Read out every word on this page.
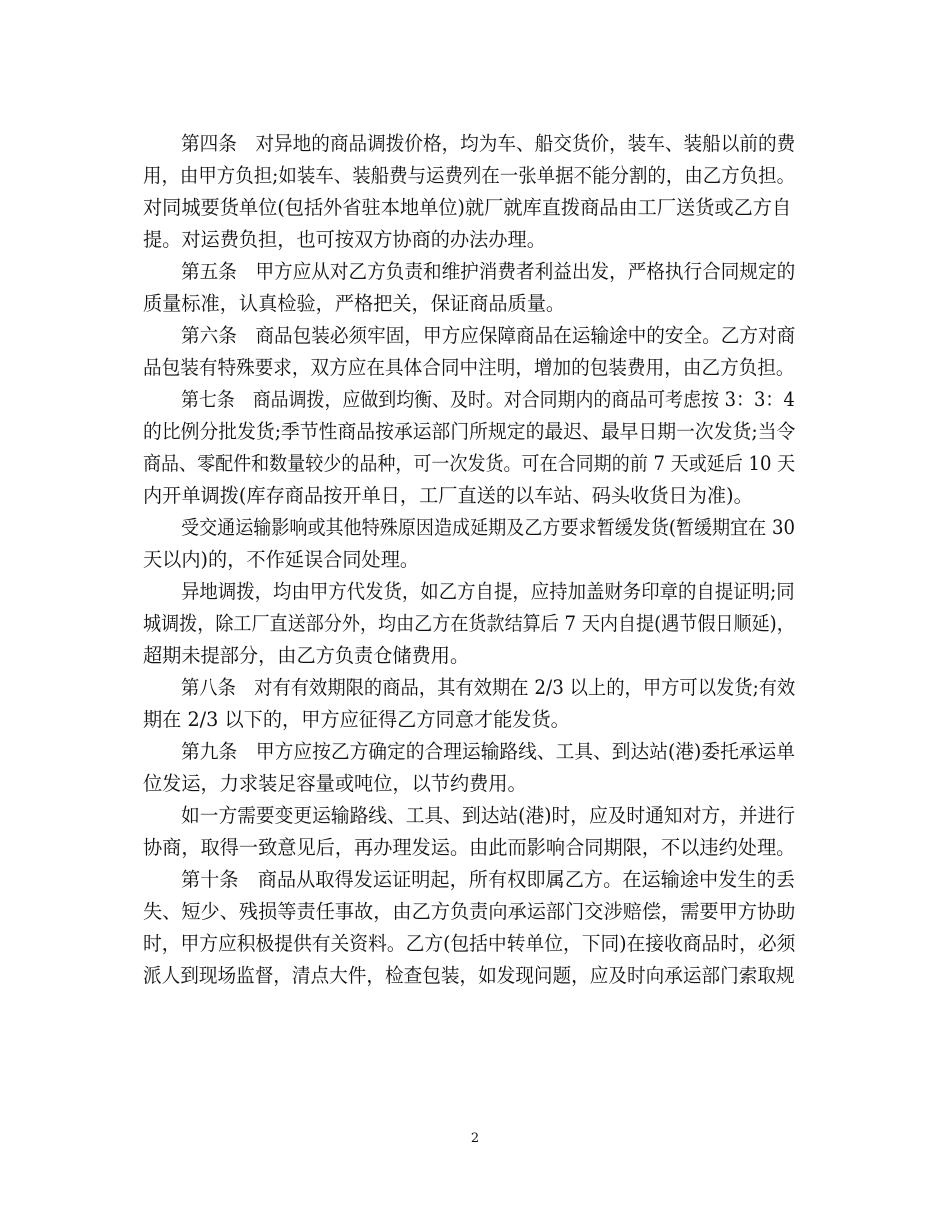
第四条　对异地的商品调拨价格，均为车、船交货价，装车、装船以前的费
用，由甲方负担;如装车、装船费与运费列在一张单据不能分割的，由乙方负担。
对同城要货单位(包括外省驻本地单位)就厂就库直拨商品由工厂送货或乙方自
提。对运费负担，也可按双方协商的办法办理。
第五条　甲方应从对乙方负责和维护消费者利益出发，严格执行合同规定的
质量标准，认真检验，严格把关，保证商品质量。
第六条　商品包装必须牢固，甲方应保障商品在运输途中的安全。乙方对商
品包装有特殊要求，双方应在具体合同中注明，增加的包装费用，由乙方负担。
第七条　商品调拨，应做到均衡、及时。对合同期内的商品可考虑按 3：3：4
的比例分批发货;季节性商品按承运部门所规定的最迟、最早日期一次发货;当令
商品、零配件和数量较少的品种，可一次发货。可在合同期的前 7 天或延后 10 天
内开单调拨(库存商品按开单日，工厂直送的以车站、码头收货日为准)。
受交通运输影响或其他特殊原因造成延期及乙方要求暂缓发货(暂缓期宜在 30
天以内)的，不作延误合同处理。
异地调拨，均由甲方代发货，如乙方自提，应持加盖财务印章的自提证明;同
城调拨，除工厂直送部分外，均由乙方在货款结算后 7 天内自提(遇节假日顺延)，
超期未提部分，由乙方负责仓储费用。
第八条　对有有效期限的商品，其有效期在 2/3 以上的，甲方可以发货;有效
期在 2/3 以下的，甲方应征得乙方同意才能发货。
第九条　甲方应按乙方确定的合理运输路线、工具、到达站(港)委托承运单
位发运，力求装足容量或吨位，以节约费用。
如一方需要变更运输路线、工具、到达站(港)时，应及时通知对方，并进行
协商，取得一致意见后，再办理发运。由此而影响合同期限，不以违约处理。
第十条　商品从取得发运证明起，所有权即属乙方。在运输途中发生的丢
失、短少、残损等责任事故，由乙方负责向承运部门交涉赔偿，需要甲方协助
时，甲方应积极提供有关资料。乙方(包括中转单位，下同)在接收商品时，必须
派人到现场监督，清点大件，检查包装，如发现问题，应及时向承运部门索取规
2
